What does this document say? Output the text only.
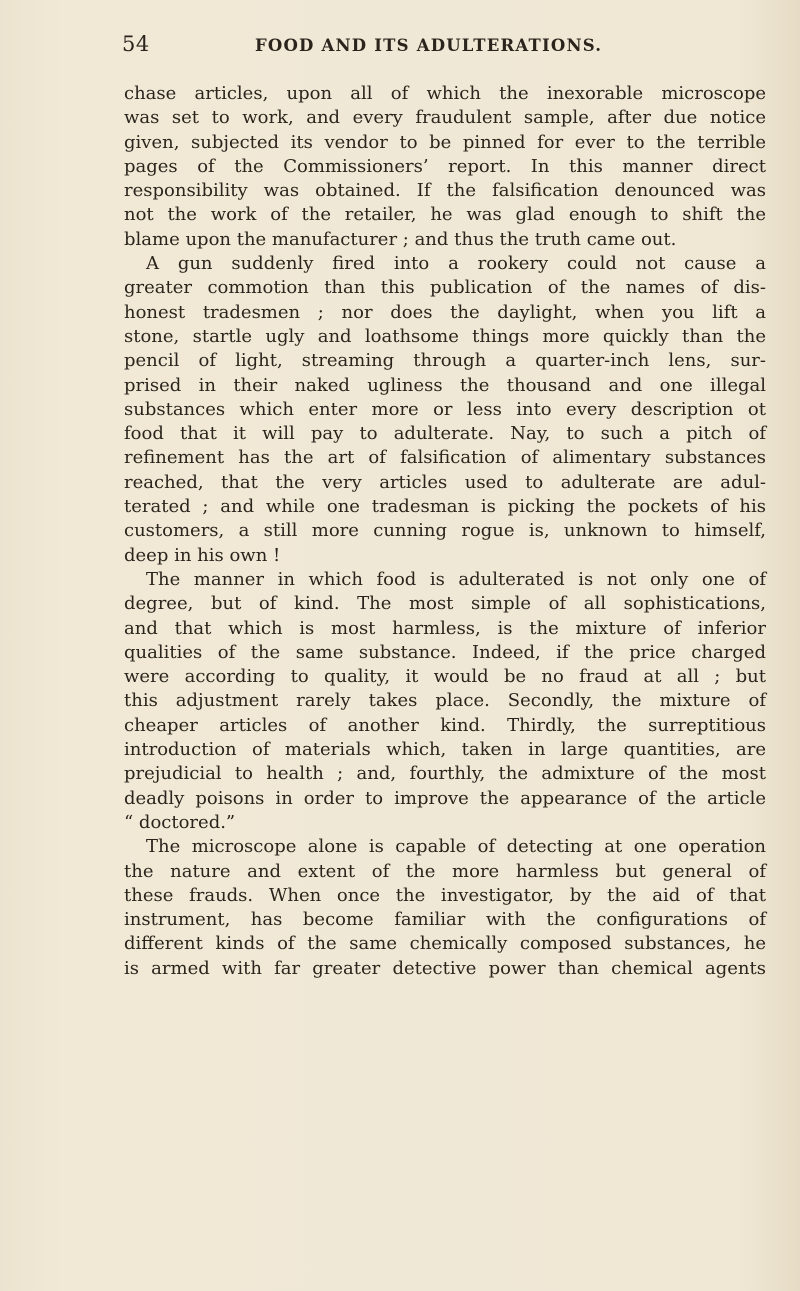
54	FOOD AND ITS ADULTERATIONS.
chase articles, upon all of which the inexorable microscope
was set to work, and every fraudulent sample, after due notice
given, subjected its vendor to be pinned for ever to the terrible
pages of the Commissioners’ report. In this manner direct
responsibility was obtained. If the falsification denounced was
not the work of the retailer, he was glad enough to shift the
blame upon the manufacturer ; and thus the truth came out.
A gun suddenly fired into a rookery could not cause a
greater commotion than this publication of the names of dis-
honest tradesmen ; nor does the daylight, when you lift a
stone, startle ugly and loathsome things more quickly than the
pencil of light, streaming through a quarter-inch lens, sur-
prised in their naked ugliness the thousand and one illegal
substances which enter more or less into every description ot
food that it will pay to adulterate. Nay, to such a pitch of
refinement has the art of falsification of alimentary substances
reached, that the very articles used to adulterate are adul-
terated ; and while one tradesman is picking the pockets of his
customers, a still more cunning rogue is, unknown to himself,
deep in his own !
The manner in which food is adulterated is not only one of
degree, but of kind. The most simple of all sophistications,
and that which is most harmless, is the mixture of inferior
qualities of the same substance. Indeed, if the price charged
were according to quality, it would be no fraud at all ; but
this adjustment rarely takes place. Secondly, the mixture of
cheaper articles of another kind. Thirdly, the surreptitious
introduction of materials which, taken in large quantities, are
prejudicial to health ; and, fourthly, the admixture of the most
deadly poisons in order to improve the appearance of the article
“ doctored.”
The microscope alone is capable of detecting at one operation
the nature and extent of the more harmless but general of
these frauds. When once the investigator, by the aid of that
instrument, has become familiar with the configurations of
different kinds of the same chemically composed substances, he
is armed with far greater detective power than chemical agents
